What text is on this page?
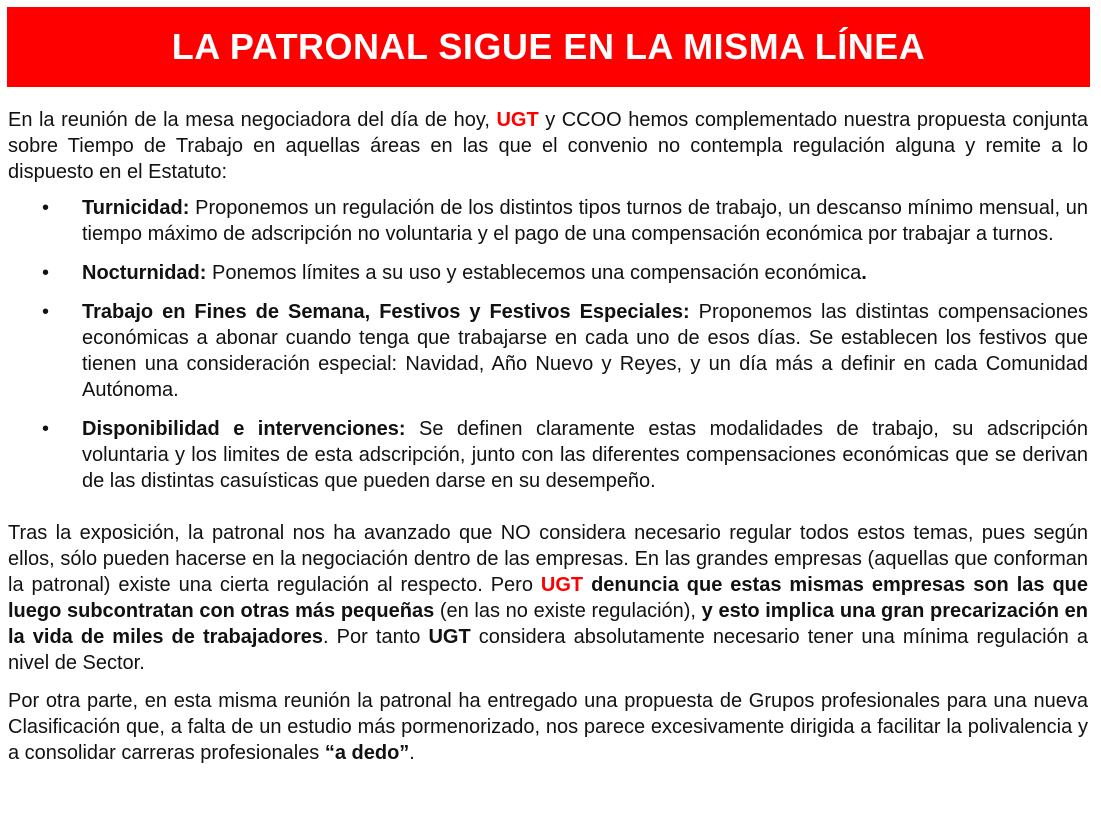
LA PATRONAL SIGUE EN LA MISMA LÍNEA

En la reunión de la mesa negociadora del día de hoy, UGT y CCOO hemos complementado nuestra propuesta conjunta sobre Tiempo de Trabajo en aquellas áreas en las que el convenio no contempla regulación alguna y remite a lo dispuesto en el Estatuto:

• Turnicidad: Proponemos un regulación de los distintos tipos turnos de trabajo, un descanso mínimo mensual, un tiempo máximo de adscripción no voluntaria y el pago de una compensación económica por trabajar a turnos.
• Nocturnidad: Ponemos límites a su uso y establecemos una compensación económica.
• Trabajo en Fines de Semana, Festivos y Festivos Especiales: Proponemos las distintas compensaciones económicas a abonar cuando tenga que trabajarse en cada uno de esos días. Se establecen los festivos que tienen una consideración especial: Navidad, Año Nuevo y Reyes, y un día más a definir en cada Comunidad Autónoma.
• Disponibilidad e intervenciones: Se definen claramente estas modalidades de trabajo, su adscripción voluntaria y los limites de esta adscripción, junto con las diferentes compensaciones económicas que se derivan de las distintas casuísticas que pueden darse en su desempeño.

Tras la exposición, la patronal nos ha avanzado que NO considera necesario regular todos estos temas, pues según ellos, sólo pueden hacerse en la negociación dentro de las empresas. En las grandes empresas (aquellas que conforman la patronal) existe una cierta regulación al respecto. Pero UGT denuncia que estas mismas empresas son las que luego subcontratan con otras más pequeñas (en las no existe regulación), y esto implica una gran precarización en la vida de miles de trabajadores. Por tanto UGT considera absolutamente necesario tener una mínima regulación a nivel de Sector.

Por otra parte, en esta misma reunión la patronal ha entregado una propuesta de Grupos profesionales para una nueva Clasificación que, a falta de un estudio más pormenorizado, nos parece excesivamente dirigida a facilitar la polivalencia y a consolidar carreras profesionales “a dedo”.
